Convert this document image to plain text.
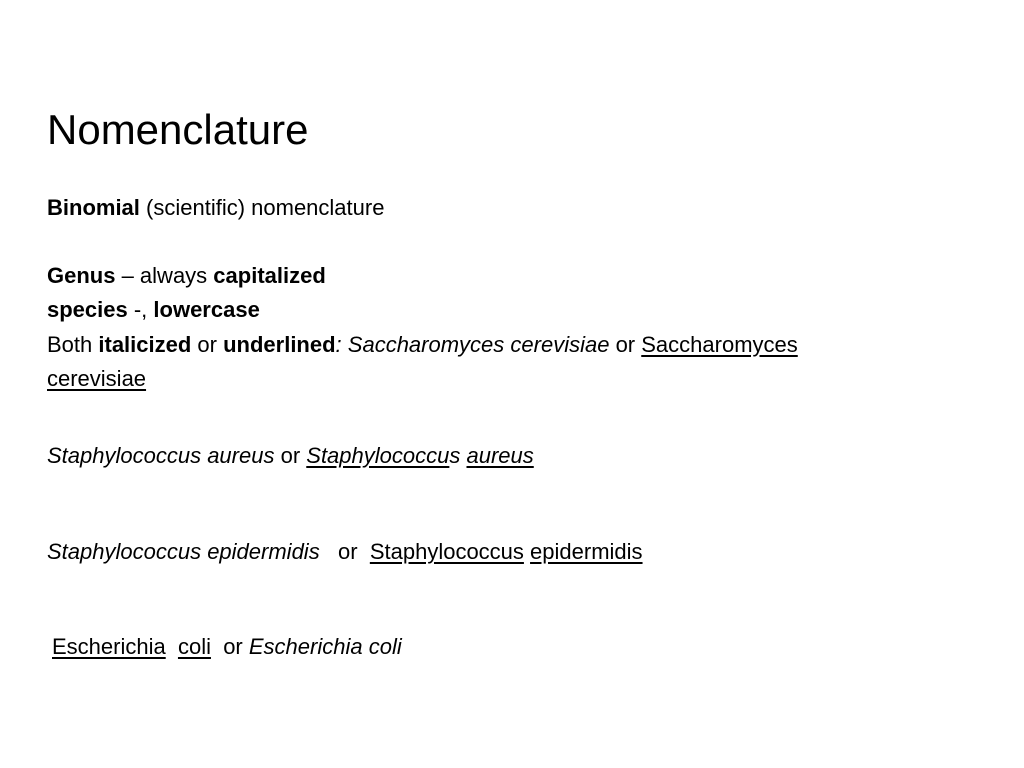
Nomenclature
Binomial (scientific) nomenclature
Genus – always capitalized
species -, lowercase
Both italicized or underlined: Saccharomyces cerevisiae or Saccharomyces
cerevisiae
Staphylococcus aureus or Staphylococcus aureus
Staphylococcus epidermidis   or  Staphylococcus epidermidis
Escherichia coli  or Escherichia coli
